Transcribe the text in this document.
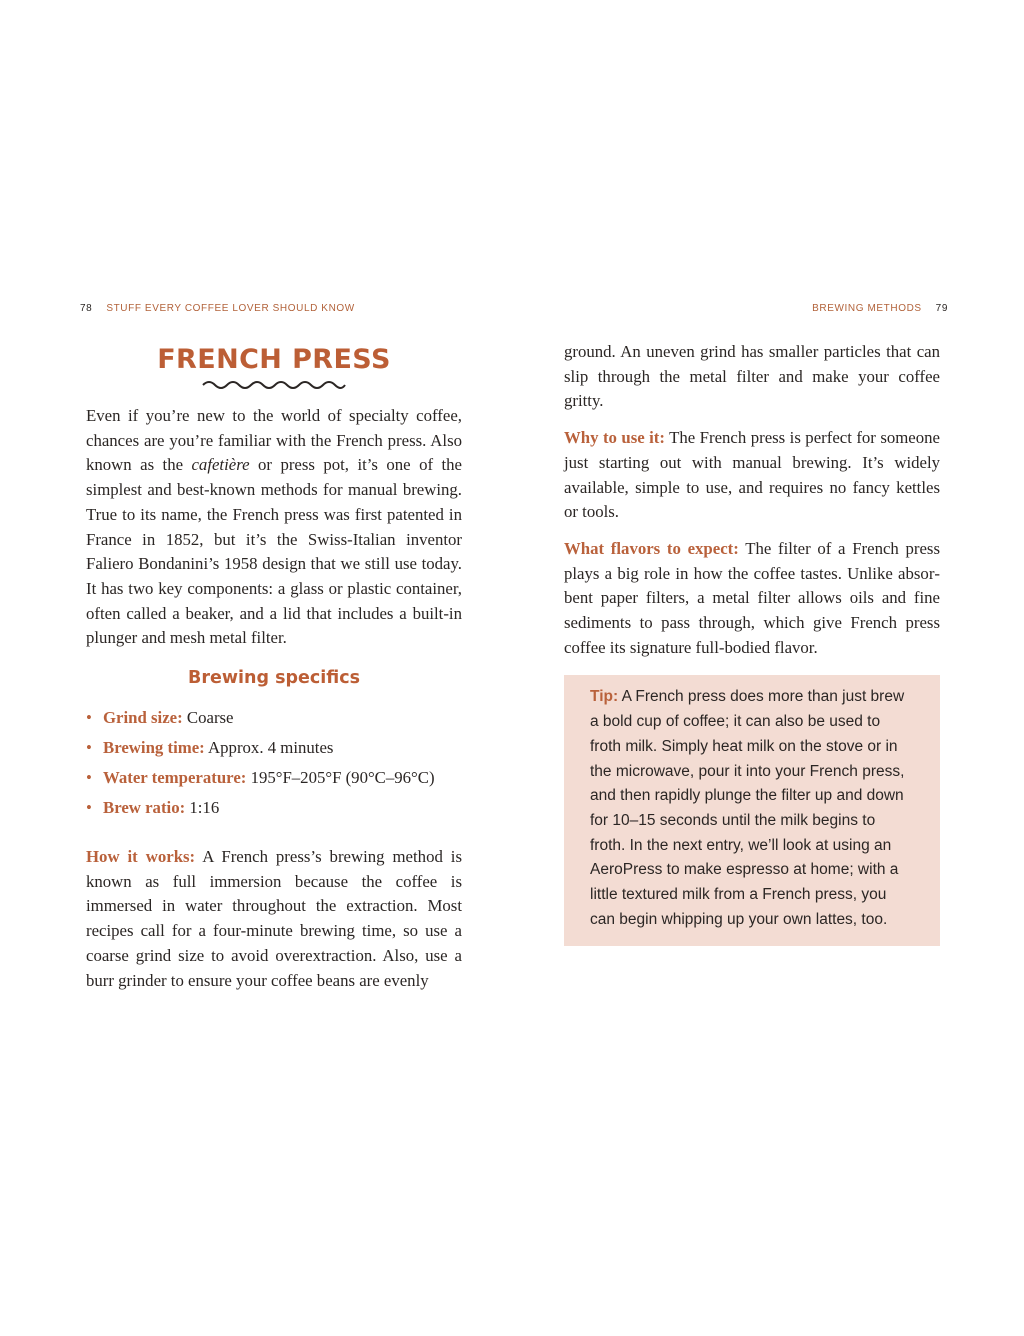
78 STUFF EVERY COFFEE LOVER SHOULD KNOW	BREWING METHODS 79
FRENCH PRESS

Even if you’re new to the world of specialty coffee, chances are you’re familiar with the French press. Also known as the cafetière or press pot, it’s one of the simplest and best-known methods for manual brewing. True to its name, the French press was first patented in France in 1852, but it’s the Swiss-Italian inventor Faliero Bondanini’s 1958 design that we still use today. It has two key components: a glass or plastic container, often called a beaker, and a lid that includes a built-in plunger and mesh metal filter.

Brewing specifics
• Grind size: Coarse
• Brewing time: Approx. 4 minutes
• Water temperature: 195°F–205°F (90°C–96°C)
• Brew ratio: 1:16

How it works: A French press’s brewing method is known as full immersion because the coffee is immersed in water throughout the extraction. Most recipes call for a four-minute brewing time, so use a coarse grind size to avoid overextraction. Also, use a burr grinder to ensure your coffee beans are evenly

ground. An uneven grind has smaller particles that can slip through the metal filter and make your coffee gritty.

Why to use it: The French press is perfect for someone just starting out with manual brewing. It’s widely available, simple to use, and requires no fancy kettles or tools.

What flavors to expect: The filter of a French press plays a big role in how the coffee tastes. Unlike absorbent paper filters, a metal filter allows oils and fine sediments to pass through, which give French press coffee its signature full-bodied flavor.

Tip: A French press does more than just brew a bold cup of coffee; it can also be used to froth milk. Simply heat milk on the stove or in the microwave, pour it into your French press, and then rapidly plunge the filter up and down for 10–15 seconds until the milk begins to froth. In the next entry, we’ll look at using an AeroPress to make espresso at home; with a little textured milk from a French press, you can begin whipping up your own lattes, too.
